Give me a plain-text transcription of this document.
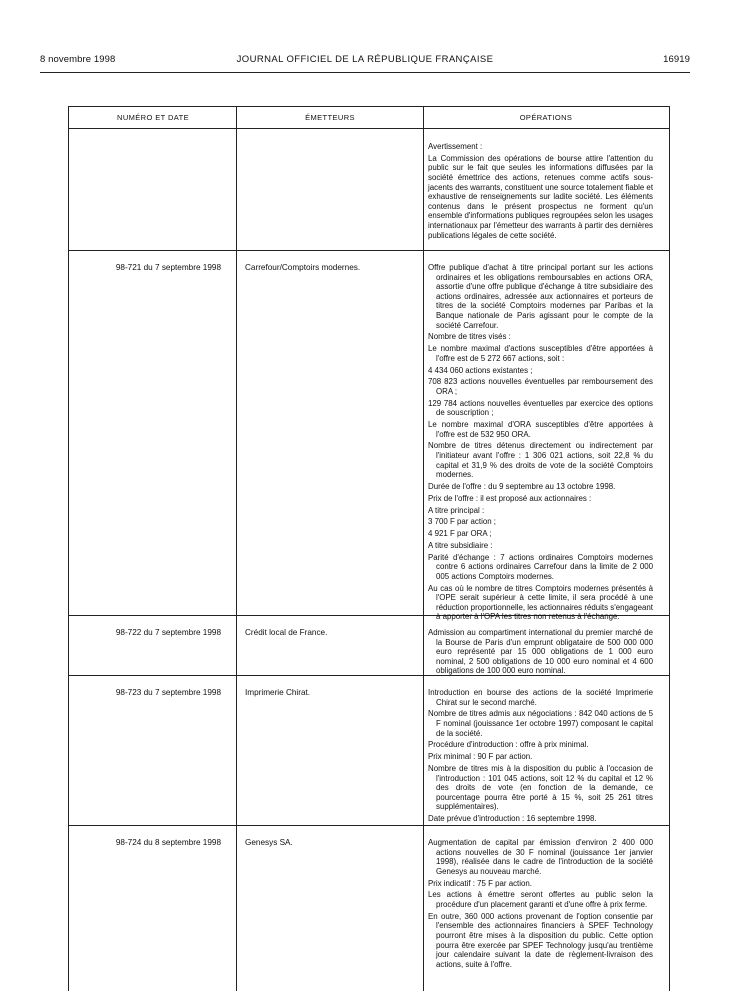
8 novembre 1998	JOURNAL OFFICIEL DE LA RÉPUBLIQUE FRANÇAISE	16919
NUMÉRO ET DATE	ÉMETTEURS	OPÉRATIONS

Avertissement :

La Commission des opérations de bourse attire l'attention du public sur le fait que seules les informations diffusées par la société émettrice des actions, retenues comme actifs sous-jacents des warrants, constituent une source totalement fiable et exhaustive de renseignements sur ladite société. Les éléments contenus dans le présent prospectus ne forment qu'un ensemble d'informations publiques regroupées selon les usages internationaux par l'émetteur des warrants à partir des dernières publications légales de cette société.

98-721 du 7 septembre 1998	Carrefour/Comptoirs modernes.	Offre publique d'achat à titre principal portant sur les actions ordinaires et les obligations remboursables en actions ORA, assortie d'une offre publique d'échange à titre subsidiaire des actions ordinaires, adressée aux actionnaires et porteurs de titres de la société Comptoirs modernes par Paribas et la Banque nationale de Paris agissant pour le compte de la société Carrefour.

Nombre de titres visés :

Le nombre maximal d'actions susceptibles d'être apportées à l'offre est de 5 272 667 actions, soit :

4 434 060 actions existantes ;

708 823 actions nouvelles éventuelles par remboursement des ORA ;

129 784 actions nouvelles éventuelles par exercice des options de souscription ;

Le nombre maximal d'ORA susceptibles d'être apportées à l'offre est de 532 950 ORA.

Nombre de titres détenus directement ou indirectement par l'initiateur avant l'offre : 1 306 021 actions, soit 22,8 % du capital et 31,9 % des droits de vote de la société Comptoirs modernes.

Durée de l'offre : du 9 septembre au 13 octobre 1998.

Prix de l'offre : il est proposé aux actionnaires :

A titre principal :

3 700 F par action ;

4 921 F par ORA ;

A titre subsidiaire :

Parité d'échange : 7 actions ordinaires Comptoirs modernes contre 6 actions ordinaires Carrefour dans la limite de 2 000 005 actions Comptoirs modernes.

Au cas où le nombre de titres Comptoirs modernes présentés à l'OPE serait supérieur à cette limite, il sera procédé à une réduction proportionnelle, les actionnaires réduits s'engageant à apporter à l'OPA les titres non retenus à l'échange.

98-722 du 7 septembre 1998	Crédit local de France.	Admission au compartiment international du premier marché de la Bourse de Paris d'un emprunt obligataire de 500 000 000 euro représenté par 15 000 obligations de 1 000 euro nominal, 2 500 obligations de 10 000 euro nominal et 4 600 obligations de 100 000 euro nominal.

98-723 du 7 septembre 1998	Imprimerie Chirat.	Introduction en bourse des actions de la société Imprimerie Chirat sur le second marché.

Nombre de titres admis aux négociations : 842 040 actions de 5 F nominal (jouissance 1er octobre 1997) composant le capital de la société.

Procédure d'introduction : offre à prix minimal.

Prix minimal : 90 F par action.

Nombre de titres mis à la disposition du public à l'occasion de l'introduction : 101 045 actions, soit 12 % du capital et 12 % des droits de vote (en fonction de la demande, ce pourcentage pourra être porté à 15 %, soit 25 261 titres supplémentaires).

Date prévue d'introduction : 16 septembre 1998.

98-724 du 8 septembre 1998	Genesys SA.	Augmentation de capital par émission d'environ 2 400 000 actions nouvelles de 30 F nominal (jouissance 1er janvier 1998), réalisée dans le cadre de l'introduction de la société Genesys au nouveau marché.

Prix indicatif : 75 F par action.

Les actions à émettre seront offertes au public selon la procédure d'un placement garanti et d'une offre à prix ferme.

En outre, 360 000 actions provenant de l'option consentie par l'ensemble des actionnaires financiers à SPEF Technology pourront être mises à la disposition du public. Cette option pourra être exercée par SPEF Technology jusqu'au trentième jour calendaire suivant la date de règlement-livraison des actions, suite à l'offre.
